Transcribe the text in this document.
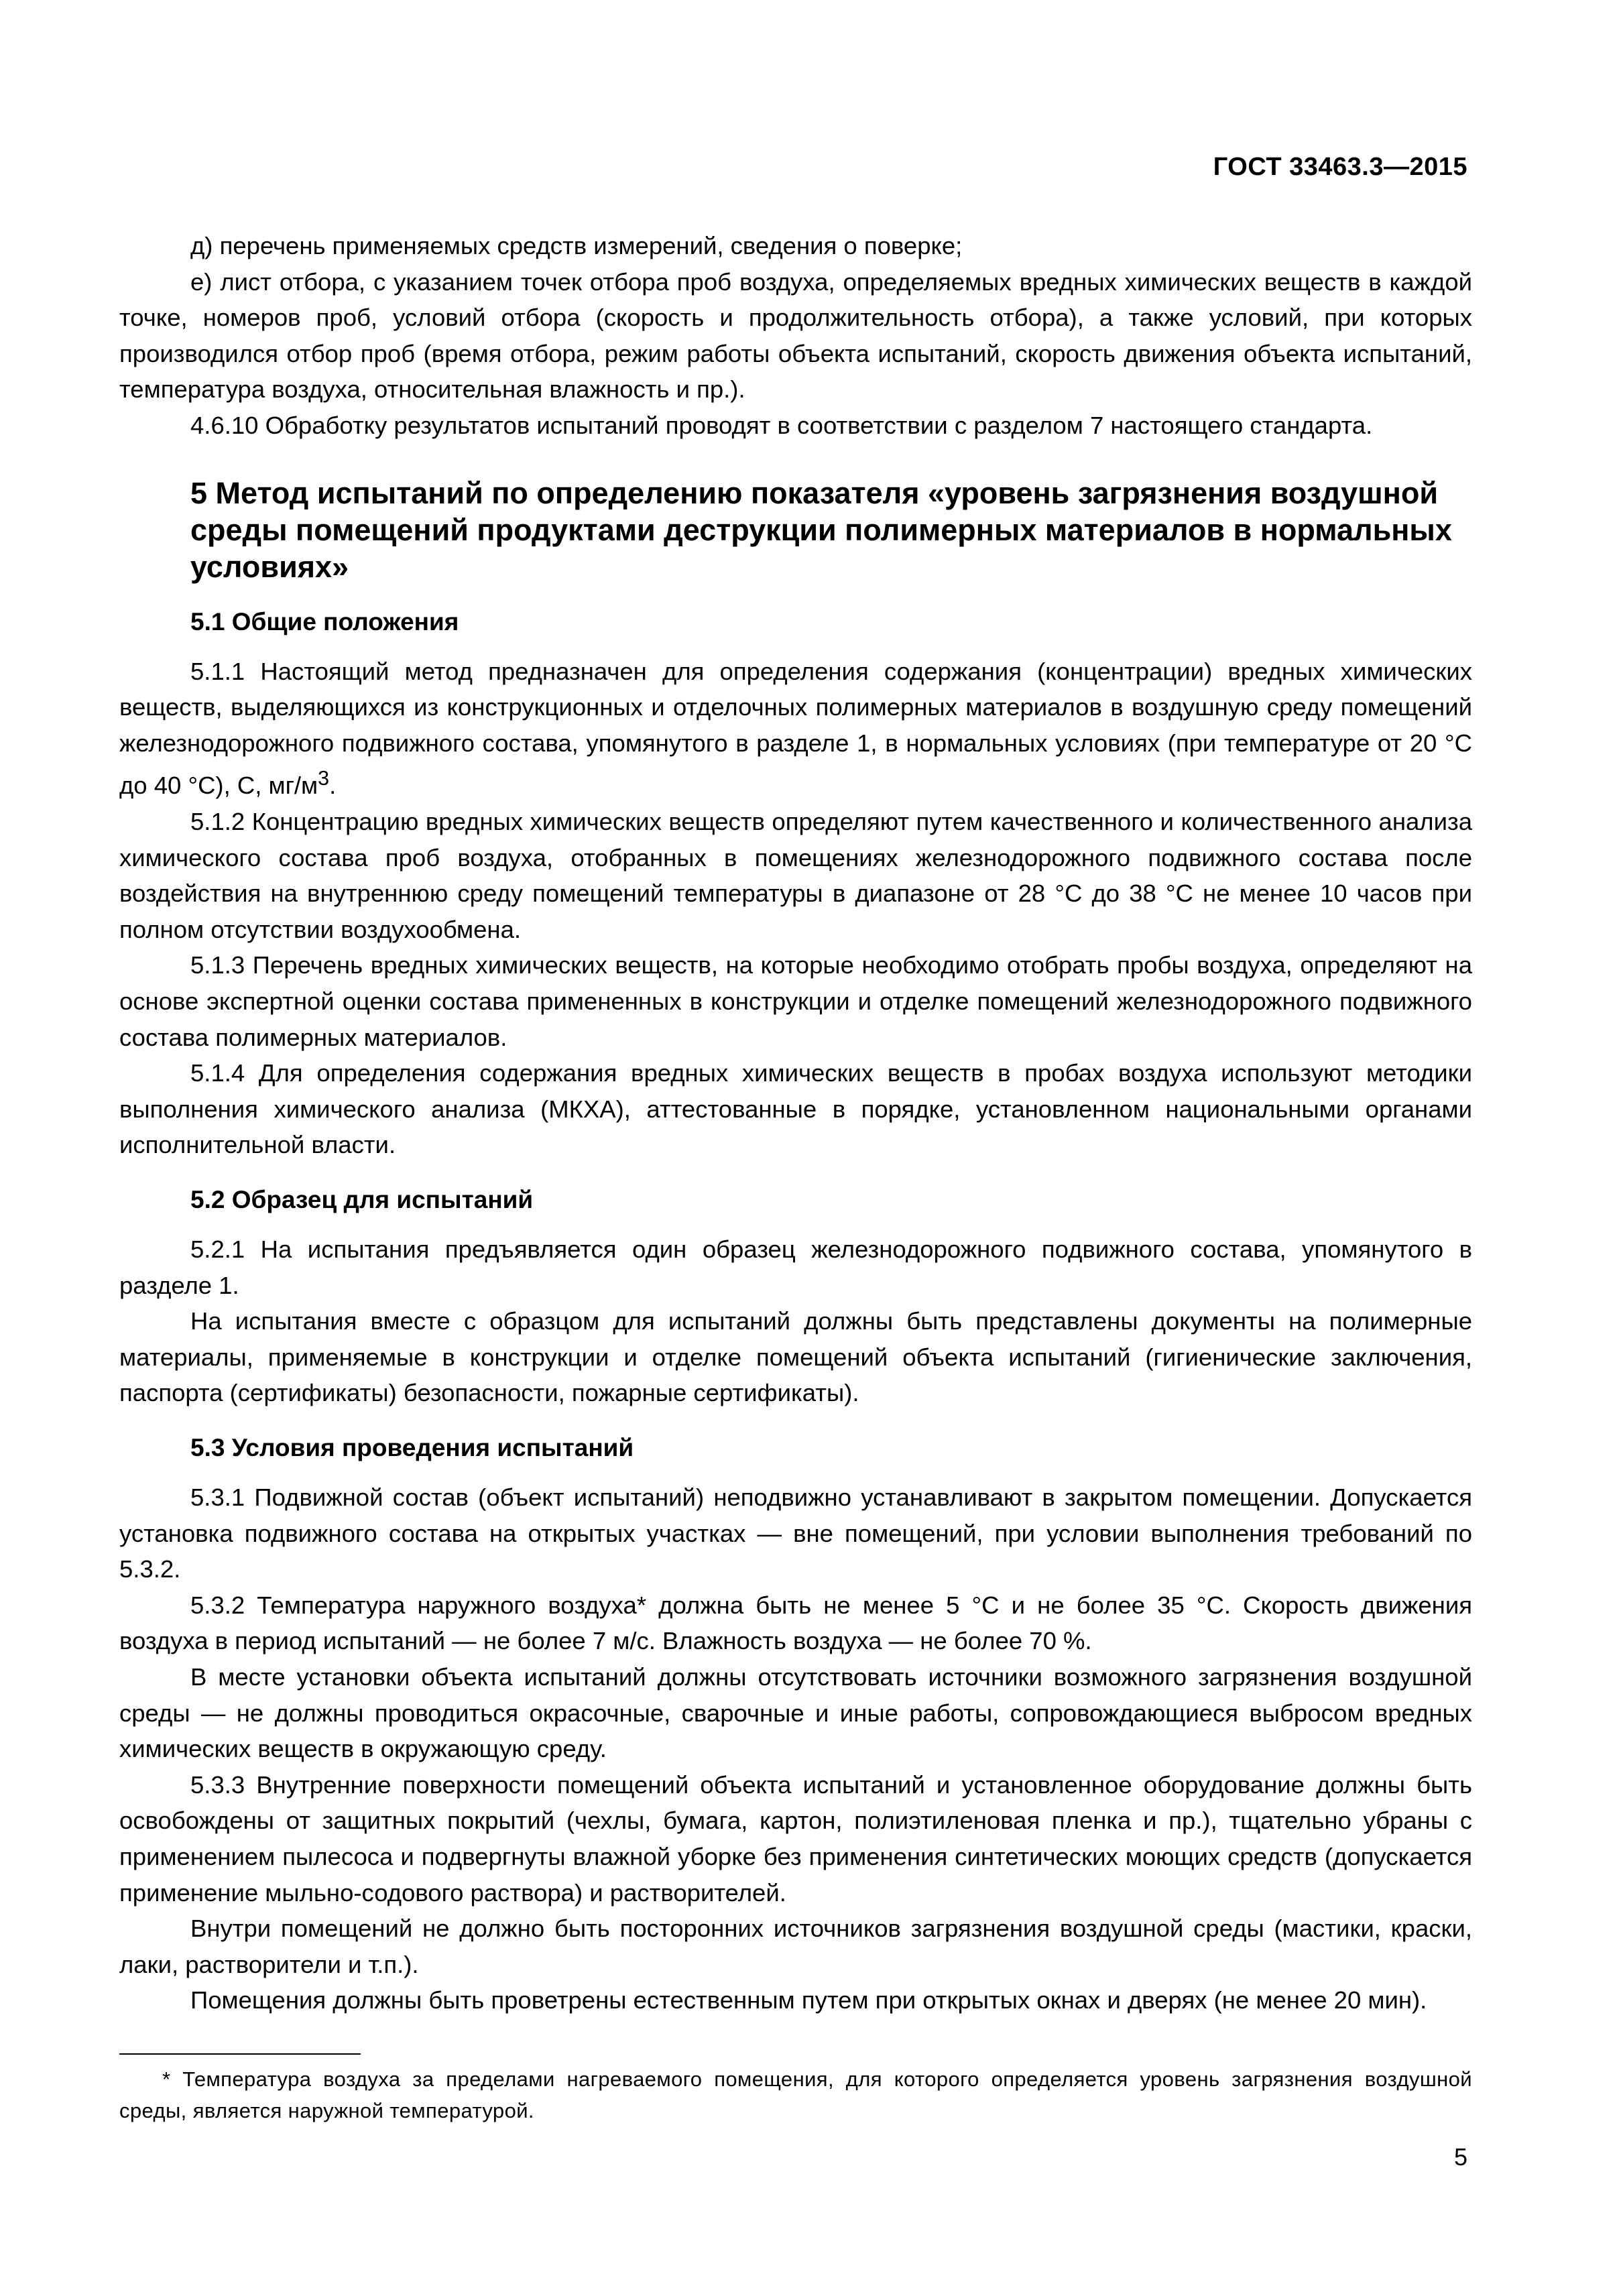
ГОСТ 33463.3—2015

д) перечень применяемых средств измерений, сведения о поверке;

е) лист отбора, с указанием точек отбора проб воздуха, определяемых вредных химических веществ в каждой точке, номеров проб, условий отбора (скорость и продолжительность отбора), а также условий, при которых производился отбор проб (время отбора, режим работы объекта испытаний, скорость движения объекта испытаний, температура воздуха, относительная влажность и пр.).

4.6.10 Обработку результатов испытаний проводят в соответствии с разделом 7 настоящего стандарта.

5 Метод испытаний по определению показателя «уровень загрязнения воздушной среды помещений продуктами деструкции полимерных материалов в нормальных условиях»
5.1 Общие положения

5.1.1 Настоящий метод предназначен для определения содержания (концентрации) вредных химических веществ, выделяющихся из конструкционных и отделочных полимерных материалов в воздушную среду помещений железнодорожного подвижного состава, упомянутого в разделе 1, в нормальных условиях (при температуре от 20 °С до 40 °С), С, $мг/м^3$.

5.1.2 Концентрацию вредных химических веществ определяют путем качественного и количественного анализа химического состава проб воздуха, отобранных в помещениях железнодорожного подвижного состава после воздействия на внутреннюю среду помещений температуры в диапазоне от 28 °С до 38 °С не менее 10 часов при полном отсутствии воздухообмена.

5.1.3 Перечень вредных химических веществ, на которые необходимо отобрать пробы воздуха, определяют на основе экспертной оценки состава примененных в конструкции и отделке помещений железнодорожного подвижного состава полимерных материалов.

5.1.4 Для определения содержания вредных химических веществ в пробах воздуха используют методики выполнения химического анализа (МКХА), аттестованные в порядке, установленном национальными органами исполнительной власти.

5.2 Образец для испытаний

5.2.1 На испытания предъявляется один образец железнодорожного подвижного состава, упомянутого в разделе 1.

На испытания вместе с образцом для испытаний должны быть представлены документы на полимерные материалы, применяемые в конструкции и отделке помещений объекта испытаний (гигиенические заключения, паспорта (сертификаты) безопасности, пожарные сертификаты).

5.3 Условия проведения испытаний

5.3.1 Подвижной состав (объект испытаний) неподвижно устанавливают в закрытом помещении. Допускается установка подвижного состава на открытых участках — вне помещений, при условии выполнения требований по 5.3.2.

5.3.2 Температура наружного воздуха* должна быть не менее 5 °С и не более 35 °С. Скорость движения воздуха в период испытаний — не более 7 м/с. Влажность воздуха — не более 70 %.

В месте установки объекта испытаний должны отсутствовать источники возможного загрязнения воздушной среды — не должны проводиться окрасочные, сварочные и иные работы, сопровождающиеся выбросом вредных химических веществ в окружающую среду.

5.3.3 Внутренние поверхности помещений объекта испытаний и установленное оборудование должны быть освобождены от защитных покрытий (чехлы, бумага, картон, полиэтиленовая пленка и пр.), тщательно убраны с применением пылесоса и подвергнуты влажной уборке без применения синтетических моющих средств (допускается применение мыльно-содового раствора) и растворителей.

Внутри помещений не должно быть посторонних источников загрязнения воздушной среды (мастики, краски, лаки, растворители и т.п.).

Помещения должны быть проветрены естественным путем при открытых окнах и дверях (не менее 20 мин).

* Температура воздуха за пределами нагреваемого помещения, для которого определяется уровень загрязнения воздушной среды, является наружной температурой.
5
